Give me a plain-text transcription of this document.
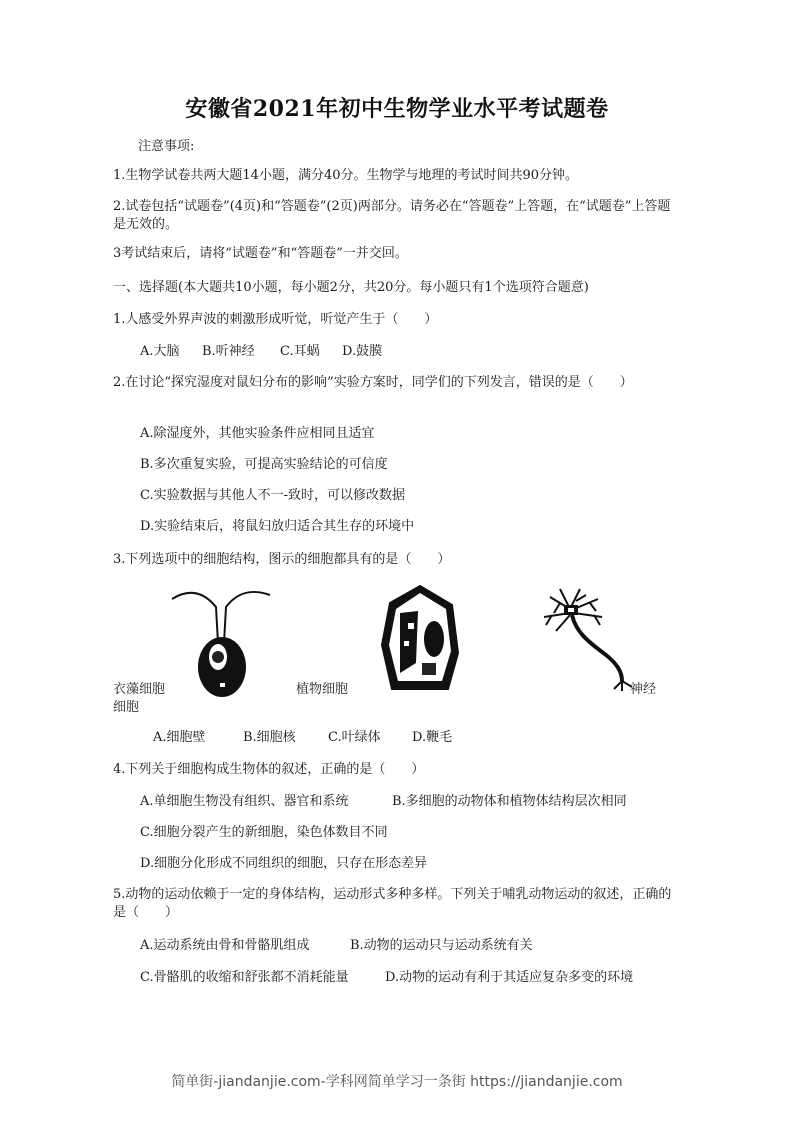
安徽省2021年初中生物学业水平考试题卷
注意事项:
1.生物学试卷共两大题14小题，满分40分。生物学与地理的考试时间共90分钟。
2.试卷包括“试题卷”(4页)和“答题卷”(2页)两部分。请务必在“答题卷”上答题，在“试题卷”上答题是无效的。
3考试结束后，请将“试题卷”和“答题卷”一并交回。
一、选择题(本大题共10小题，每小题2分，共20分。每小题只有1个选项符合题意)
1.人感受外界声波的刺激形成听觉，听觉产生于（　　）
A.大脑 B.听神经 C.耳蜗 D.鼓膜
2.在讨论“探究湿度对鼠妇分布的影响”实验方案时，同学们的下列发言，错误的是（　　）
A.除湿度外，其他实验条件应相同且适宜
B.多次重复实验，可提高实验结论的可信度
C.实验数据与其他人不一-致时，可以修改数据
D.实验结束后，将鼠妇放归适合其生存的环境中
3.下列选项中的细胞结构，图示的细胞都具有的是（　　）
衣藻细胞
细胞
植物细胞	神经
A.细胞壁	B.细胞核 C.叶绿体 D.鞭毛
4.下列关于细胞构成生物体的叙述，正确的是（　　）
A.单细胞生物没有组织、器官和系统	B.多细胞的动物体和植物体结构层次相同
C.细胞分裂产生的新细胞，染色体数目不同
D.细胞分化形成不同组织的细胞，只存在形态差异
5.动物的运动依赖于一定的身体结构，运动形式多种多样。下列关于哺乳动物运动的叙述，正确的是（　　）
A.运动系统由骨和骨骼肌组成	B.动物的运动只与运动系统有关
C.骨骼肌的收缩和舒张都不消耗能量	D.动物的运动有利于其适应复杂多变的环境
简单街-jiandanjie.com-学科网简单学习一条街 https://jiandanjie.com
